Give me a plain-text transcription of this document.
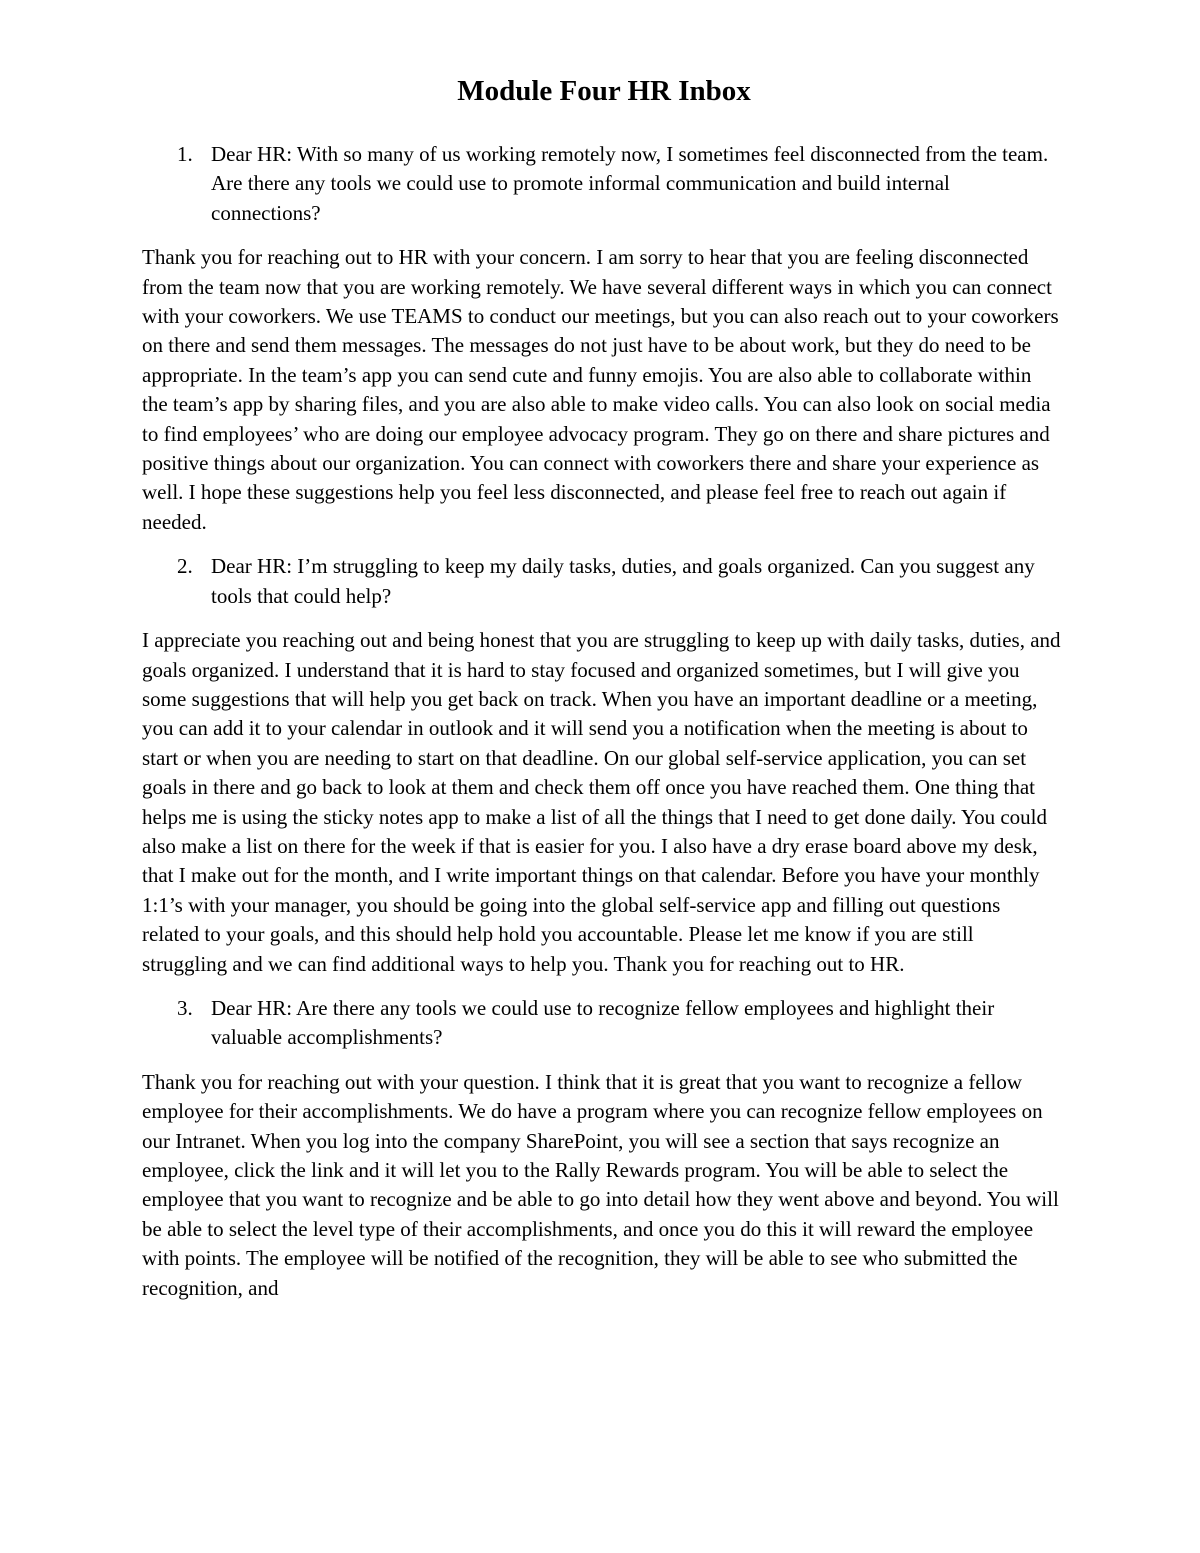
Module Four HR Inbox
1. Dear HR: With so many of us working remotely now, I sometimes feel disconnected from the team. Are there any tools we could use to promote informal communication and build internal connections?

Thank you for reaching out to HR with your concern. I am sorry to hear that you are feeling disconnected from the team now that you are working remotely. We have several different ways in which you can connect with your coworkers. We use TEAMS to conduct our meetings, but you can also reach out to your coworkers on there and send them messages. The messages do not just have to be about work, but they do need to be appropriate. In the team’s app you can send cute and funny emojis. You are also able to collaborate within the team’s app by sharing files, and you are also able to make video calls. You can also look on social media to find employees’ who are doing our employee advocacy program. They go on there and share pictures and positive things about our organization. You can connect with coworkers there and share your experience as well. I hope these suggestions help you feel less disconnected, and please feel free to reach out again if needed.

2. Dear HR: I’m struggling to keep my daily tasks, duties, and goals organized. Can you suggest any tools that could help?

I appreciate you reaching out and being honest that you are struggling to keep up with daily tasks, duties, and goals organized. I understand that it is hard to stay focused and organized sometimes, but I will give you some suggestions that will help you get back on track. When you have an important deadline or a meeting, you can add it to your calendar in outlook and it will send you a notification when the meeting is about to start or when you are needing to start on that deadline. On our global self-service application, you can set goals in there and go back to look at them and check them off once you have reached them. One thing that helps me is using the sticky notes app to make a list of all the things that I need to get done daily. You could also make a list on there for the week if that is easier for you. I also have a dry erase board above my desk, that I make out for the month, and I write important things on that calendar. Before you have your monthly 1:1’s with your manager, you should be going into the global self-service app and filling out questions related to your goals, and this should help hold you accountable. Please let me know if you are still struggling and we can find additional ways to help you. Thank you for reaching out to HR.

3. Dear HR: Are there any tools we could use to recognize fellow employees and highlight their valuable accomplishments?

Thank you for reaching out with your question. I think that it is great that you want to recognize a fellow employee for their accomplishments. We do have a program where you can recognize fellow employees on our Intranet. When you log into the company SharePoint, you will see a section that says recognize an employee, click the link and it will let you to the Rally Rewards program. You will be able to select the employee that you want to recognize and be able to go into detail how they went above and beyond. You will be able to select the level type of their accomplishments, and once you do this it will reward the employee with points. The employee will be notified of the recognition, they will be able to see who submitted the recognition, and
